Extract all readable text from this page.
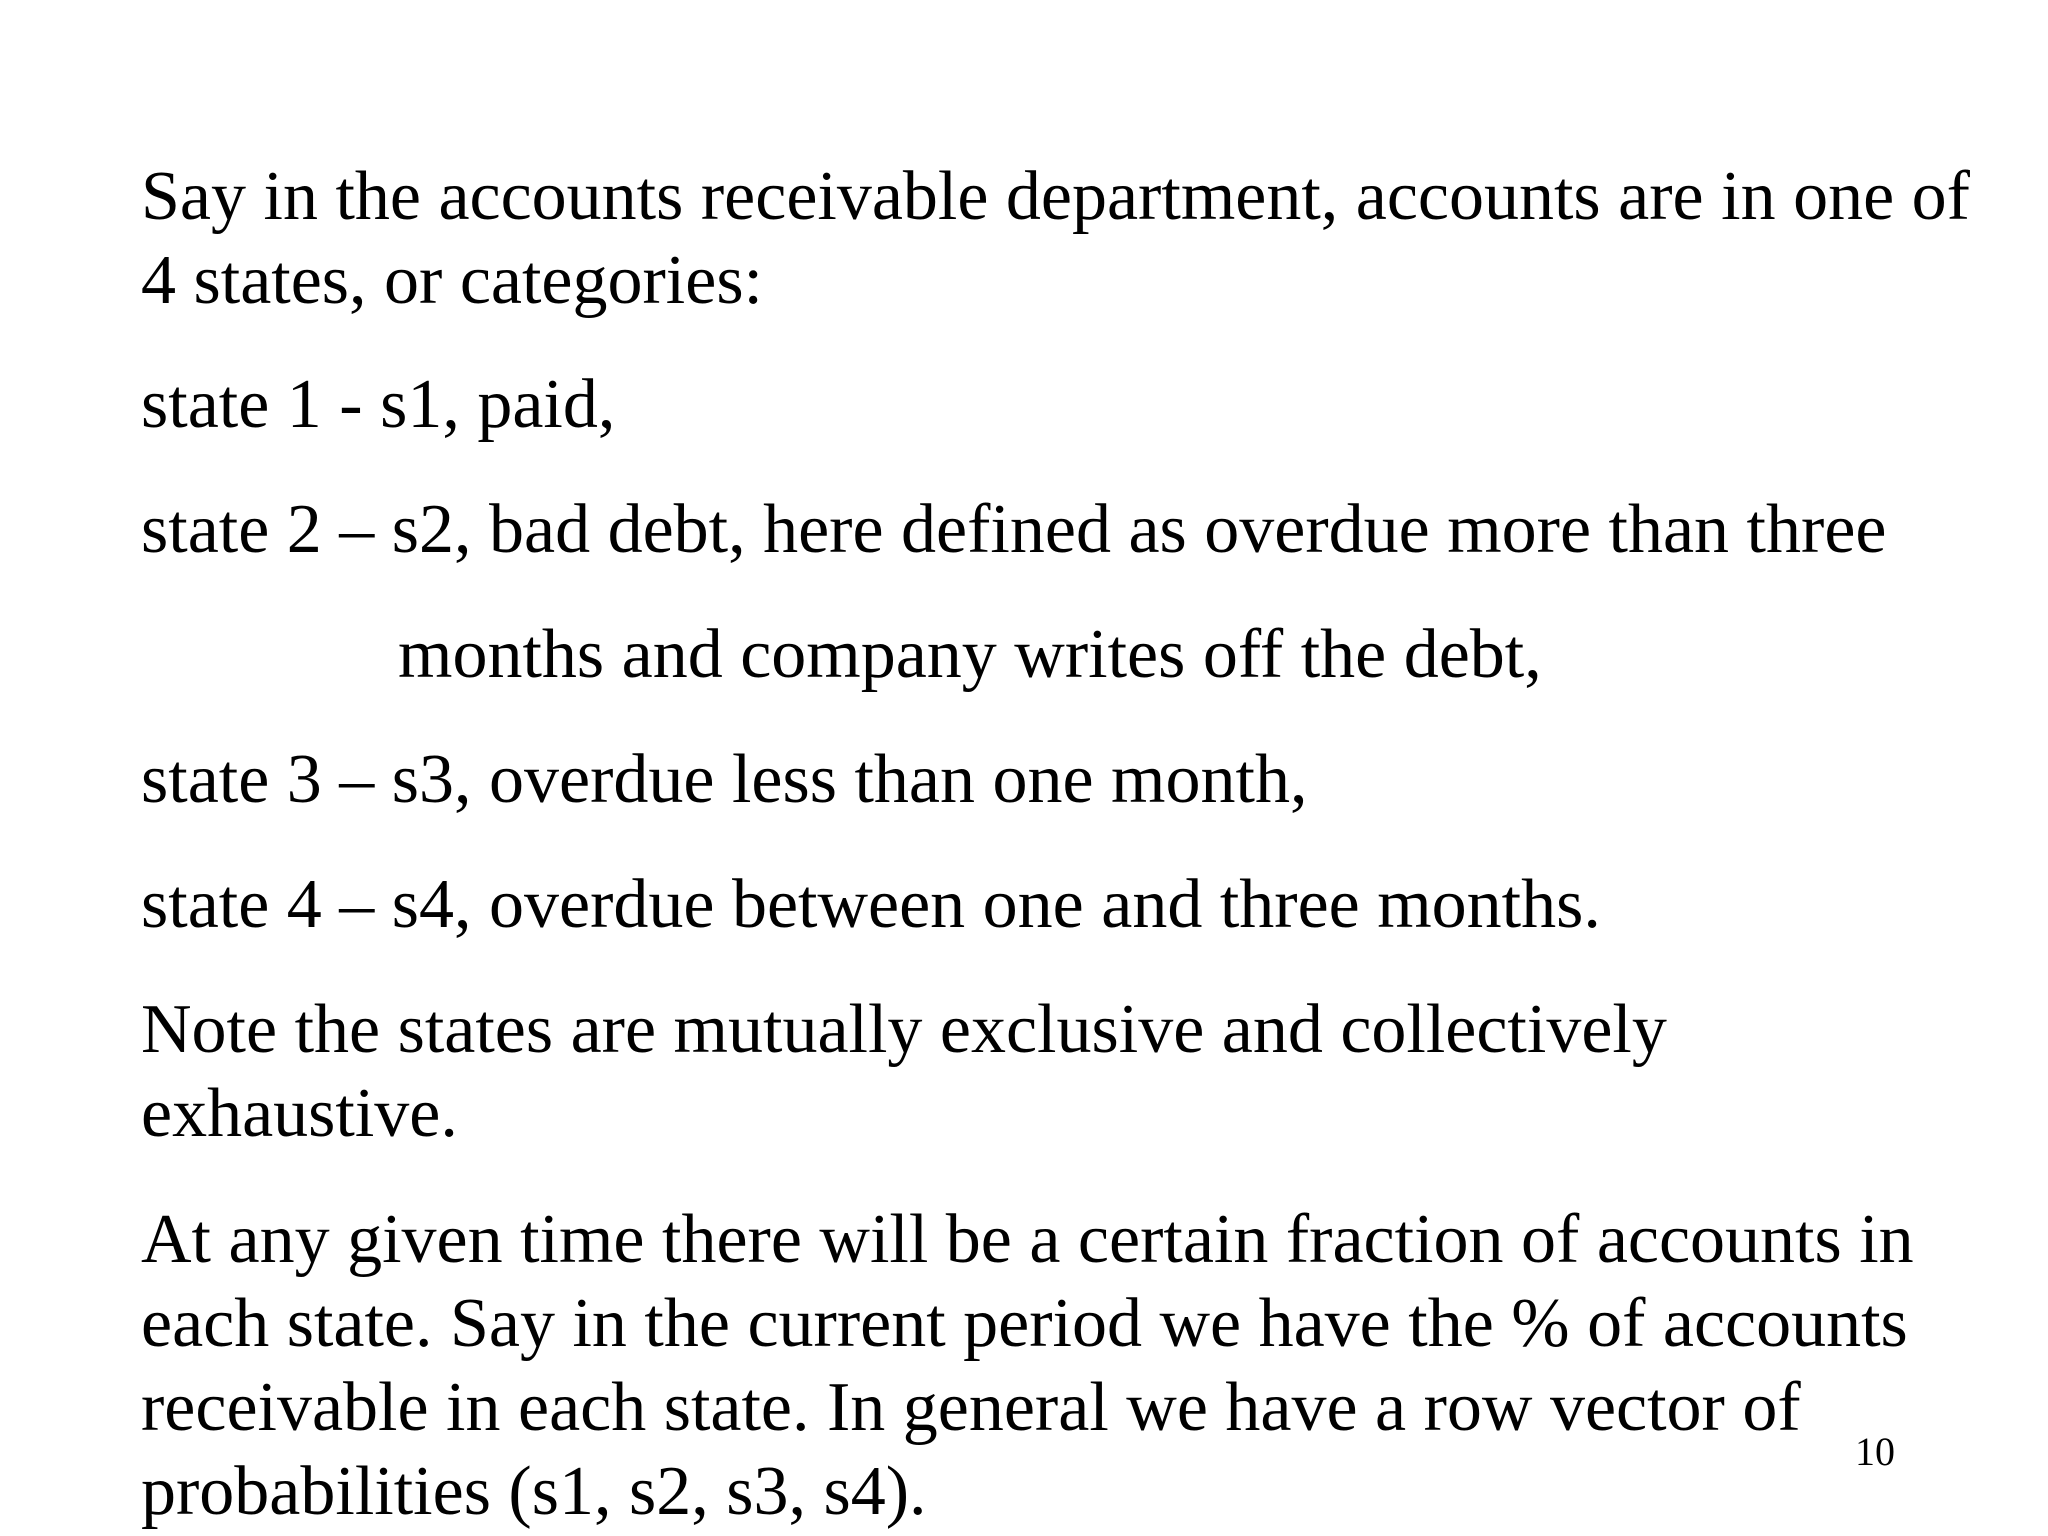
Say in the accounts receivable department, accounts are in one of
4 states, or categories:
state 1 - s1, paid,
state 2 – s2, bad debt, here defined as overdue more than three
months and company writes off the debt,
state 3 – s3, overdue less than one month,
state 4 – s4, overdue between one and three months.
Note the states are mutually exclusive and collectively
exhaustive.
At any given time there will be a certain fraction of accounts in
each state. Say in the current period we have the % of accounts
receivable in each state. In general we have a row vector of
probabilities (s1, s2, s3, s4).
10
